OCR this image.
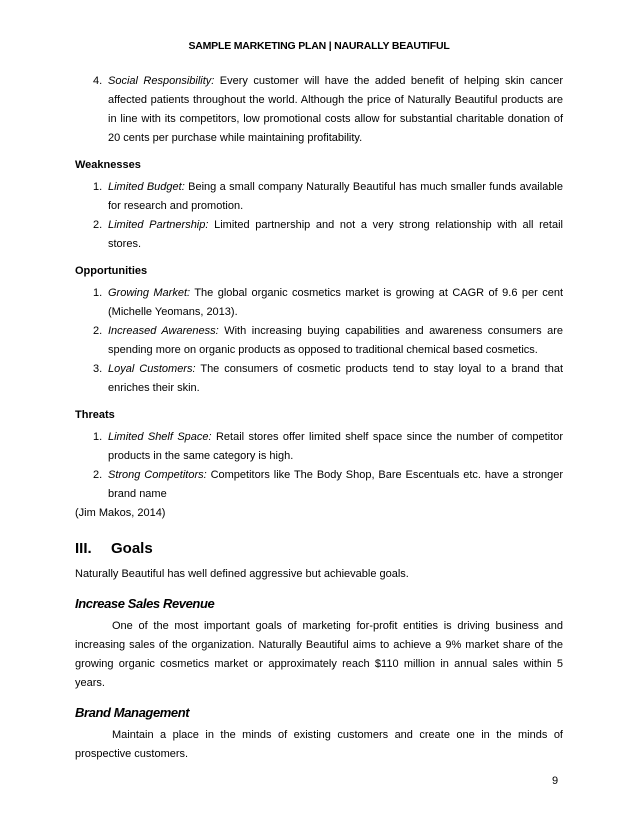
SAMPLE MARKETING PLAN | NAURALLY BEAUTIFUL
4. Social Responsibility: Every customer will have the added benefit of helping skin cancer affected patients throughout the world. Although the price of Naturally Beautiful products are in line with its competitors, low promotional costs allow for substantial charitable donation of 20 cents per purchase while maintaining profitability.
Weaknesses
1. Limited Budget: Being a small company Naturally Beautiful has much smaller funds available for research and promotion.
2. Limited Partnership: Limited partnership and not a very strong relationship with all retail stores.
Opportunities
1. Growing Market: The global organic cosmetics market is growing at CAGR of 9.6 per cent (Michelle Yeomans, 2013).
2. Increased Awareness: With increasing buying capabilities and awareness consumers are spending more on organic products as opposed to traditional chemical based cosmetics.
3. Loyal Customers: The consumers of cosmetic products tend to stay loyal to a brand that enriches their skin.
Threats
1. Limited Shelf Space: Retail stores offer limited shelf space since the number of competitor products in the same category is high.
2. Strong Competitors: Competitors like The Body Shop, Bare Escentuals etc. have a stronger brand name
(Jim Makos, 2014)
III. Goals
Naturally Beautiful has well defined aggressive but achievable goals.
Increase Sales Revenue
One of the most important goals of marketing for-profit entities is driving business and increasing sales of the organization. Naturally Beautiful aims to achieve a 9% market share of the growing organic cosmetics market or approximately reach $110 million in annual sales within 5 years.
Brand Management
Maintain a place in the minds of existing customers and create one in the minds of prospective customers.
9
